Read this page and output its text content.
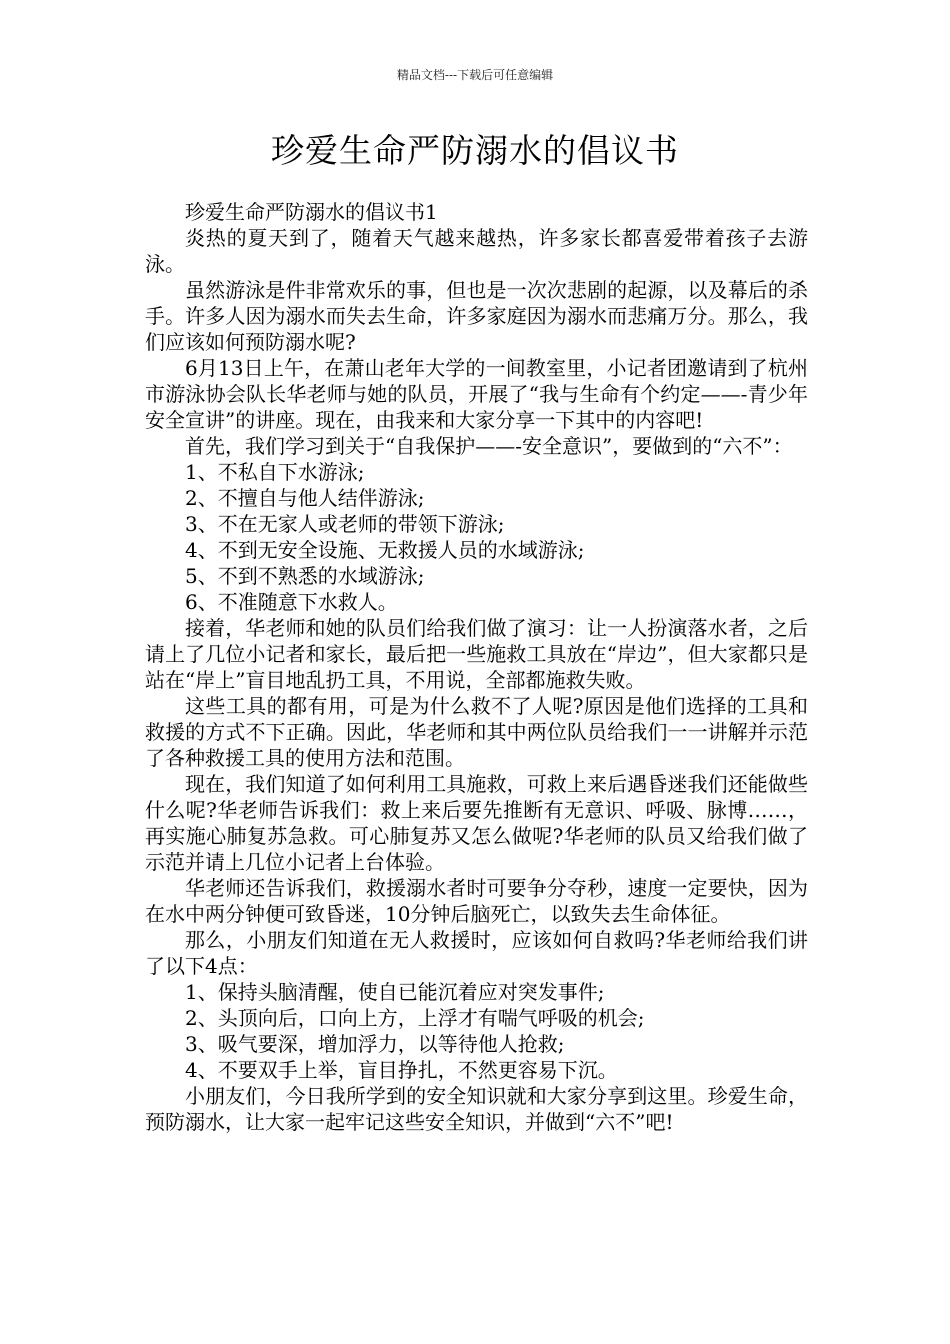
精品文档---下载后可任意编辑
珍爱生命严防溺水的倡议书

珍爱生命严防溺水的倡议书1

炎热的夏天到了，随着天气越来越热，许多家长都喜爱带着孩子去游泳。

虽然游泳是件非常欢乐的事，但也是一次次悲剧的起源，以及幕后的杀手。许多人因为溺水而失去生命，许多家庭因为溺水而悲痛万分。那么，我们应该如何预防溺水呢?

6月13日上午，在萧山老年大学的一间教室里，小记者团邀请到了杭州市游泳协会队长华老师与她的队员，开展了“我与生命有个约定——-青少年安全宣讲”的讲座。现在，由我来和大家分享一下其中的内容吧!

首先，我们学习到关于“自我保护——-安全意识”，要做到的“六不”：

1、不私自下水游泳;

2、不擅自与他人结伴游泳;

3、不在无家人或老师的带领下游泳;

4、不到无安全设施、无救援人员的水域游泳;

5、不到不熟悉的水域游泳;

6、不准随意下水救人。

接着，华老师和她的队员们给我们做了演习：让一人扮演落水者，之后请上了几位小记者和家长，最后把一些施救工具放在“岸边”，但大家都只是站在“岸上”盲目地乱扔工具，不用说，全部都施救失败。

这些工具的都有用，可是为什么救不了人呢?原因是他们选择的工具和救援的方式不下正确。因此，华老师和其中两位队员给我们一一讲解并示范了各种救援工具的使用方法和范围。

现在，我们知道了如何利用工具施救，可救上来后遇昏迷我们还能做些什么呢?华老师告诉我们：救上来后要先推断有无意识、呼吸、脉博……，再实施心肺复苏急救。可心肺复苏又怎么做呢?华老师的队员又给我们做了示范并请上几位小记者上台体验。

华老师还告诉我们，救援溺水者时可要争分夺秒，速度一定要快，因为在水中两分钟便可致昏迷，10分钟后脑死亡，以致失去生命体征。

那么，小朋友们知道在无人救援时，应该如何自救吗?华老师给我们讲了以下4点：

1、保持头脑清醒，使自已能沉着应对突发事件;

2、头顶向后，口向上方，上浮才有喘气呼吸的机会;

3、吸气要深，增加浮力，以等待他人抢救;

4、不要双手上举，盲目挣扎，不然更容易下沉。

小朋友们，今日我所学到的安全知识就和大家分享到这里。珍爱生命，预防溺水，让大家一起牢记这些安全知识，并做到“六不”吧!
